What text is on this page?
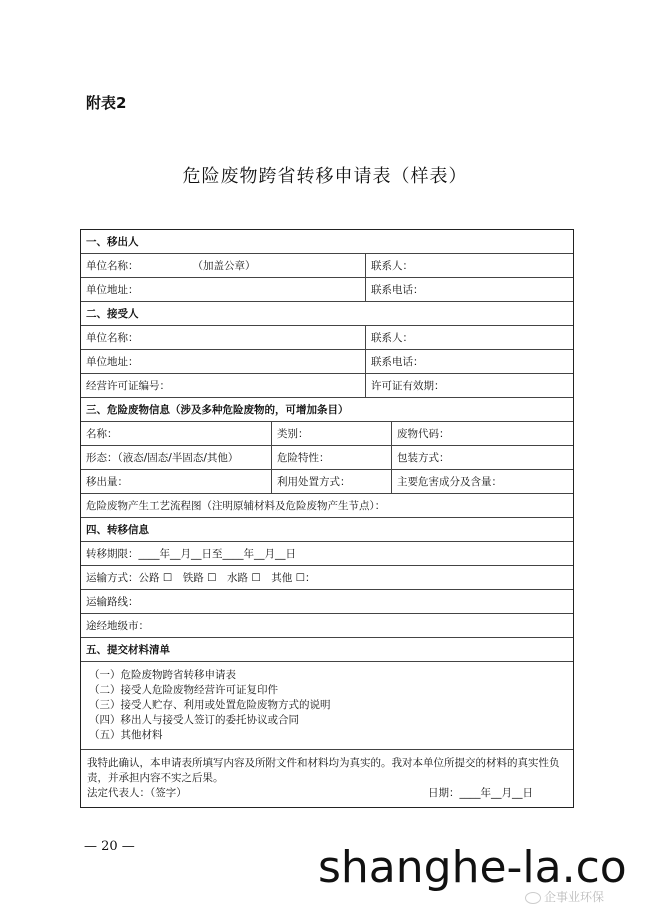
附表2
危险废物跨省转移申请表（样表）
一、移出人
单位名称：	（加盖公章）	联系人：
单位地址：	联系电话：
二、接受人
单位名称：	联系人：
单位地址：	联系电话：
经营许可证编号：	许可证有效期：
三、危险废物信息（涉及多种危险废物的，可增加条目）
名称：	类别：	废物代码：
形态：（液态/固态/半固态/其他）	危险特性：	包装方式：
移出量：	利用处置方式：	主要危害成分及含量：
危险废物产生工艺流程图（注明原辅材料及危险废物产生节点）：
四、转移信息
转移期限：____年__月__日至____年__月__日
运输方式：公路 ☐　铁路 ☐　水路 ☐　其他 ☐：
运输路线：
途经地级市：
五、提交材料清单
（一）危险废物跨省转移申请表
（二）接受人危险废物经营许可证复印件
（三）接受人贮存、利用或处置危险废物方式的说明
（四）移出人与接受人签订的委托协议或合同
（五）其他材料
我特此确认，本申请表所填写内容及所附文件和材料均为真实的。我对本单位所提交的材料的真实性负责，并承担内容不实之后果。
法定代表人：（签字）	日期：____年__月__日
— 20 —	shanghe-la.co
企事业环保
